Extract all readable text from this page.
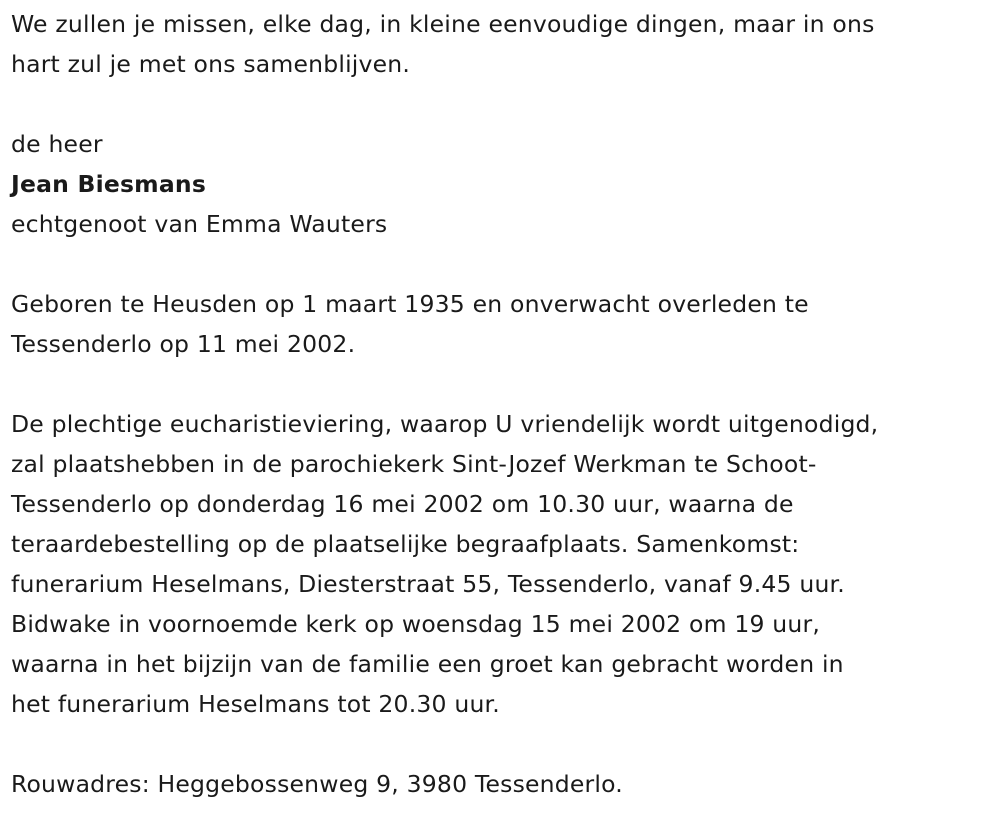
We zullen je missen, elke dag, in kleine eenvoudige dingen, maar in ons
hart zul je met ons samenblijven.
de heer
Jean Biesmans
echtgenoot van Emma Wauters
Geboren te Heusden op 1 maart 1935 en onverwacht overleden te
Tessenderlo op 11 mei 2002.
De plechtige eucharistieviering, waarop U vriendelijk wordt uitgenodigd,
zal plaatshebben in de parochiekerk Sint-Jozef Werkman te Schoot-
Tessenderlo op donderdag 16 mei 2002 om 10.30 uur, waarna de
teraardebestelling op de plaatselijke begraafplaats. Samenkomst:
funerarium Heselmans, Diesterstraat 55, Tessenderlo, vanaf 9.45 uur.
Bidwake in voornoemde kerk op woensdag 15 mei 2002 om 19 uur,
waarna in het bijzijn van de familie een groet kan gebracht worden in
het funerarium Heselmans tot 20.30 uur.
Rouwadres: Heggebossenweg 9, 3980 Tessenderlo.
